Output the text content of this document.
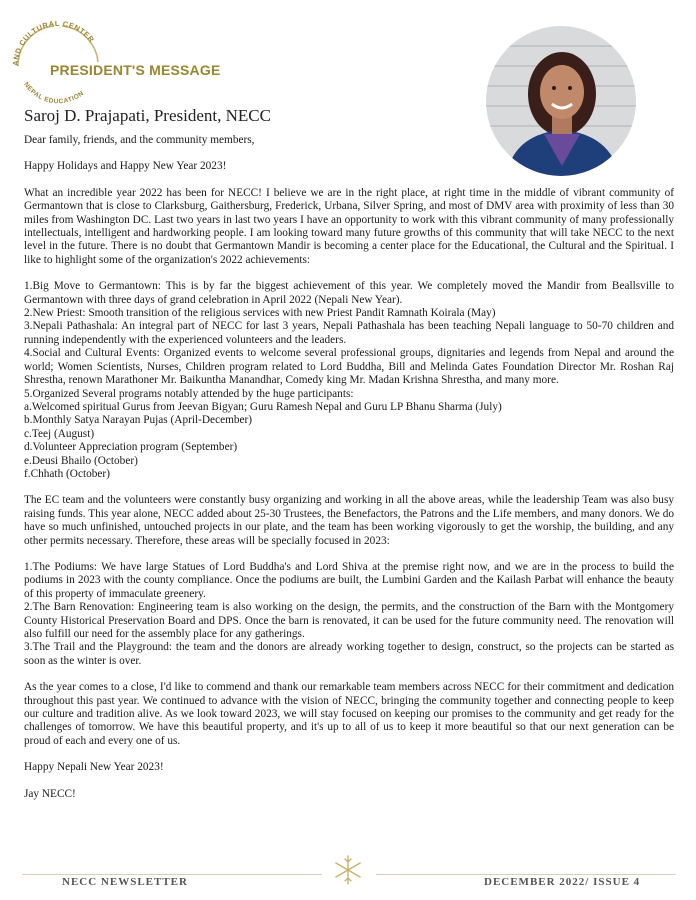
AND CULTURAL CENTER
NEPAL EDUCATION
PRESIDENT'S MESSAGE
Saroj D. Prajapati, President, NECC

Dear family, friends, and the community members,

Happy Holidays and Happy New Year 2023!

What an incredible year 2022 has been for NECC! I believe we are in the right place, at right time in the middle of vibrant community of Germantown that is close to Clarksburg, Gaithersburg, Frederick, Urbana, Silver Spring, and most of DMV area with proximity of less than 30 miles from Washington DC. Last two years in last two years I have an opportunity to work with this vibrant community of many professionally intellectuals, intelligent and hardworking people. I am looking toward many future growths of this community that will take NECC to the next level in the future. There is no doubt that Germantown Mandir is becoming a center place for the Educational, the Cultural and the Spiritual. I like to highlight some of the organization's 2022 achievements:

1.Big Move to Germantown: This is by far the biggest achievement of this year. We completely moved the Mandir from Beallsville to Germantown with three days of grand celebration in April 2022 (Nepali New Year).
2.New Priest: Smooth transition of the religious services with new Priest Pandit Ramnath Koirala (May)
3.Nepali Pathashala: An integral part of NECC for last 3 years, Nepali Pathashala has been teaching Nepali language to 50-70 children and running independently with the experienced volunteers and the leaders.
4.Social and Cultural Events: Organized events to welcome several professional groups, dignitaries and legends from Nepal and around the world; Women Scientists, Nurses, Children program related to Lord Buddha, Bill and Melinda Gates Foundation Director Mr. Roshan Raj Shrestha, renown Marathoner Mr. Baikuntha Manandhar, Comedy king Mr. Madan Krishna Shrestha, and many more.
5.Organized Several programs notably attended by the huge participants:
a.Welcomed spiritual Gurus from Jeevan Bigyan; Guru Ramesh Nepal and Guru LP Bhanu Sharma (July)
b.Monthly Satya Narayan Pujas (April-December)
c.Teej (August)
d.Volunteer Appreciation program (September)
e.Deusi Bhailo (October)
f.Chhath (October)

The EC team and the volunteers were constantly busy organizing and working in all the above areas, while the leadership Team was also busy raising funds. This year alone, NECC added about 25-30 Trustees, the Benefactors, the Patrons and the Life members, and many donors. We do have so much unfinished, untouched projects in our plate, and the team has been working vigorously to get the worship, the building, and any other permits necessary. Therefore, these areas will be specially focused in 2023:

1.The Podiums: We have large Statues of Lord Buddha's and Lord Shiva at the premise right now, and we are in the process to build the podiums in 2023 with the county compliance. Once the podiums are built, the Lumbini Garden and the Kailash Parbat will enhance the beauty of this property of immaculate greenery.
2.The Barn Renovation: Engineering team is also working on the design, the permits, and the construction of the Barn with the Montgomery County Historical Preservation Board and DPS. Once the barn is renovated, it can be used for the future community need. The renovation will also fulfill our need for the assembly place for any gatherings.
3.The Trail and the Playground: the team and the donors are already working together to design, construct, so the projects can be started as soon as the winter is over.

As the year comes to a close, I'd like to commend and thank our remarkable team members across NECC for their commitment and dedication throughout this past year. We continued to advance with the vision of NECC, bringing the community together and connecting people to keep our culture and tradition alive. As we look toward 2023, we will stay focused on keeping our promises to the community and get ready for the challenges of tomorrow. We have this beautiful property, and it's up to all of us to keep it more beautiful so that our next generation can be proud of each and every one of us.

Happy Nepali New Year 2023!

Jay NECC!

NECC NEWSLETTER	DECEMBER 2022/ ISSUE 4
